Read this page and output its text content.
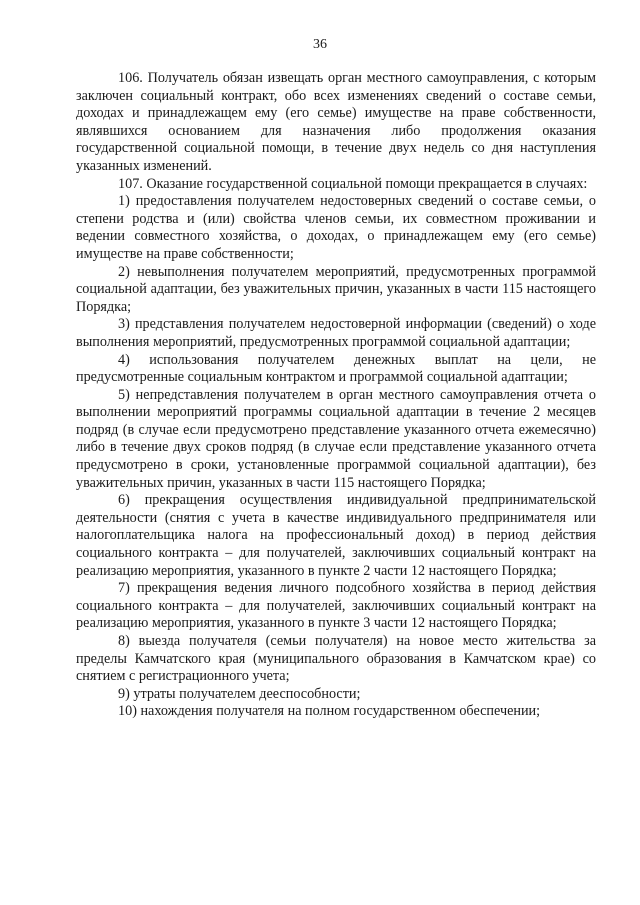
36

106. Получатель обязан извещать орган местного самоуправления, с которым заключен социальный контракт, обо всех изменениях сведений о составе семьи, доходах и принадлежащем ему (его семье) имуществе на праве собственности, являвшихся основанием для назначения либо продолжения оказания государственной социальной помощи, в течение двух недель со дня наступления указанных изменений.

107. Оказание государственной социальной помощи прекращается в случаях:

1) предоставления получателем недостоверных сведений о составе семьи, о степени родства и (или) свойства членов семьи, их совместном проживании и ведении совместного хозяйства, о доходах, о принадлежащем ему (его семье) имуществе на праве собственности;

2) невыполнения получателем мероприятий, предусмотренных программой социальной адаптации, без уважительных причин, указанных в части 115 настоящего Порядка;

3) представления получателем недостоверной информации (сведений) о ходе выполнения мероприятий, предусмотренных программой социальной адаптации;

4) использования получателем денежных выплат на цели, не предусмотренные социальным контрактом и программой социальной адаптации;

5) непредставления получателем в орган местного самоуправления отчета о выполнении мероприятий программы социальной адаптации в течение 2 месяцев подряд (в случае если предусмотрено представление указанного отчета ежемесячно) либо в течение двух сроков подряд (в случае если представление указанного отчета предусмотрено в сроки, установленные программой социальной адаптации), без уважительных причин, указанных в части 115 настоящего Порядка;

6) прекращения осуществления индивидуальной предпринимательской деятельности (снятия с учета в качестве индивидуального предпринимателя или налогоплательщика налога на профессиональный доход) в период действия социального контракта – для получателей, заключивших социальный контракт на реализацию мероприятия, указанного в пункте 2 части 12 настоящего Порядка;

7) прекращения ведения личного подсобного хозяйства в период действия социального контракта – для получателей, заключивших социальный контракт на реализацию мероприятия, указанного в пункте 3 части 12 настоящего Порядка;

8) выезда получателя (семьи получателя) на новое место жительства за пределы Камчатского края (муниципального образования в Камчатском крае) со снятием с регистрационного учета;

9) утраты получателем дееспособности;

10) нахождения получателя на полном государственном обеспечении;
